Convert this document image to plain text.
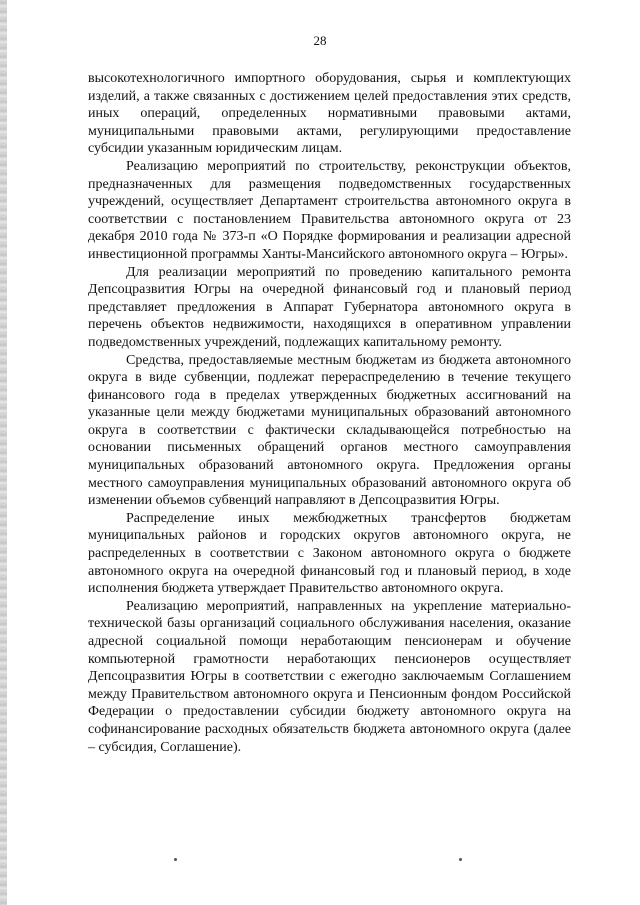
28

высокотехнологичного импортного оборудования, сырья и комплектующих изделий, а также связанных с достижением целей предоставления этих средств, иных операций, определенных нормативными правовыми актами, муниципальными правовыми актами, регулирующими предоставление субсидии указанным юридическим лицам.

Реализацию мероприятий по строительству, реконструкции объектов, предназначенных для размещения подведомственных государственных учреждений, осуществляет Департамент строительства автономного округа в соответствии с постановлением Правительства автономного округа от 23 декабря 2010 года № 373-п «О Порядке формирования и реализации адресной инвестиционной программы Ханты-Мансийского автономного округа – Югры».

Для реализации мероприятий по проведению капитального ремонта Депсоцразвития Югры на очередной финансовый год и плановый период представляет предложения в Аппарат Губернатора автономного округа в перечень объектов недвижимости, находящихся в оперативном управлении подведомственных учреждений, подлежащих капитальному ремонту.

Средства, предоставляемые местным бюджетам из бюджета автономного округа в виде субвенции, подлежат перераспределению в течение текущего финансового года в пределах утвержденных бюджетных ассигнований на указанные цели между бюджетами муниципальных образований автономного округа в соответствии с фактически складывающейся потребностью на основании письменных обращений органов местного самоуправления муниципальных образований автономного округа. Предложения органы местного самоуправления муниципальных образований автономного округа об изменении объемов субвенций направляют в Депсоцразвития Югры.

Распределение иных межбюджетных трансфертов бюджетам муниципальных районов и городских округов автономного округа, не распределенных в соответствии с Законом автономного округа о бюджете автономного округа на очередной финансовый год и плановый период, в ходе исполнения бюджета утверждает Правительство автономного округа.

Реализацию мероприятий, направленных на укрепление материально-технической базы организаций социального обслуживания населения, оказание адресной социальной помощи неработающим пенсионерам и обучение компьютерной грамотности неработающих пенсионеров осуществляет Депсоцразвития Югры в соответствии с ежегодно заключаемым Соглашением между Правительством автономного округа и Пенсионным фондом Российской Федерации о предоставлении субсидии бюджету автономного округа на софинансирование расходных обязательств бюджета автономного округа (далее – субсидия, Соглашение).
